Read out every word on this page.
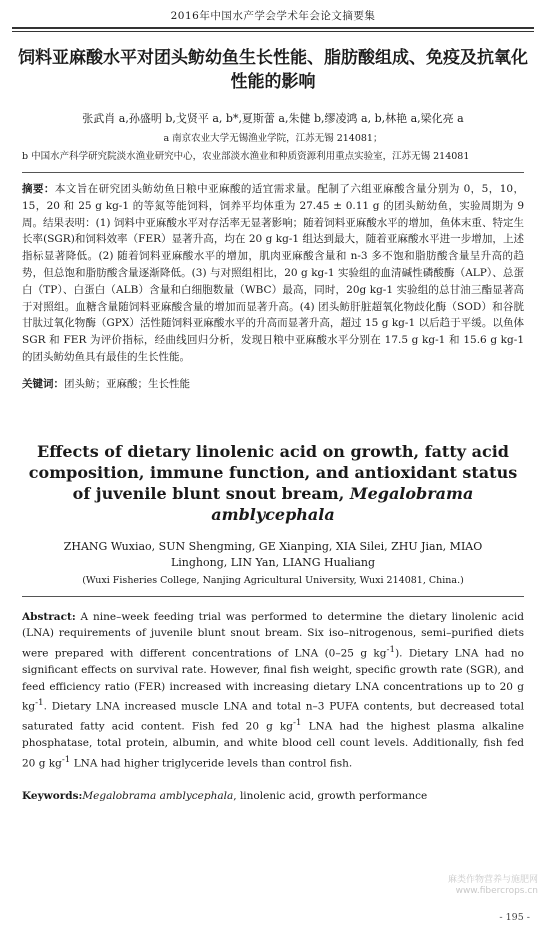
2016年中国水产学会学术年会论文摘要集
饲料亚麻酸水平对团头鲂幼鱼生长性能、脂肪酸组成、免疫及抗氧化性能的影响
张武肖 a,孙盛明 b,戈贤平 a, b*,夏斯蕾 a,朱健 b,缪凌鸿 a, b,林艳 a,梁化亮 a
a 南京农业大学无锡渔业学院，江苏无锡 214081；
b 中国水产科学研究院淡水渔业研究中心，农业部淡水渔业和种质资源利用重点实验室，江苏无锡 214081
摘要：本文旨在研究团头鲂幼鱼日粮中亚麻酸的适宜需求量。配制了六组亚麻酸含量分别为 0，5，10，15，20 和 25 g kg-1 的等氮等能饲料，饲养平均体重为 27.45 ± 0.11 g 的团头鲂幼鱼，实验周期为 9 周。结果表明：(1) 饲料中亚麻酸水平对存活率无显著影响；随着饲料亚麻酸水平的增加，鱼体末重、特定生长率(SGR)和饲料效率（FER）显著升高，均在 20 g kg-1 组达到最大，随着亚麻酸水平进一步增加，上述指标显著降低。(2) 随着饲料亚麻酸水平的增加，肌肉亚麻酸含量和 n-3 多不饱和脂肪酸含量呈升高的趋势，但总饱和脂肪酸含量逐渐降低。(3) 与对照组相比，20 g kg-1 实验组的血清碱性磷酸酶（ALP）、总蛋白（TP）、白蛋白（ALB）含量和白细胞数量（WBC）最高，同时，20g kg-1 实验组的总甘油三酯显著高于对照组。血糖含量随饲料亚麻酸含量的增加而显著升高。(4) 团头鲂肝脏超氧化物歧化酶（SOD）和谷胱甘肽过氧化物酶（GPX）活性随饲料亚麻酸水平的升高而显著升高，超过 15 g kg-1 以后趋于平缓。以鱼体 SGR 和 FER 为评价指标，经曲线回归分析，发现日粮中亚麻酸水平分别在 17.5 g kg-1 和 15.6 g kg-1 的团头鲂幼鱼具有最佳的生长性能。
关键词：团头鲂；亚麻酸；生长性能
Effects of dietary linolenic acid on growth, fatty acid composition, immune function, and antioxidant status of juvenile blunt snout bream, Megalobrama amblycephala
ZHANG Wuxiao, SUN Shengming, GE Xianping, XIA Silei, ZHU Jian, MIAO Linghong, LIN Yan, LIANG Hualiang
(Wuxi Fisheries College, Nanjing Agricultural University, Wuxi 214081, China.)
Abstract: A nine–week feeding trial was performed to determine the dietary linolenic acid (LNA) requirements of juvenile blunt snout bream. Six iso–nitrogenous, semi–purified diets were prepared with different concentrations of LNA (0–25 g $kg^{-1}$). Dietary LNA had no significant effects on survival rate. However, final fish weight, specific growth rate (SGR), and feed efficiency ratio (FER) increased with increasing dietary LNA concentrations up to 20 g $kg^{-1}$. Dietary LNA increased muscle LNA and total n–3 PUFA contents, but decreased total saturated fatty acid content. Fish fed 20 g $kg^{-1}$ LNA had the highest plasma alkaline phosphatase, total protein, albumin, and white blood cell count levels. Additionally, fish fed 20 g $kg^{-1}$ LNA had higher triglyceride levels than control fish.
Keywords:Megalobrama amblycephala, linolenic acid, growth performance
麻类作物营养与施肥网
www.fibercrops.cn
- 195 -
